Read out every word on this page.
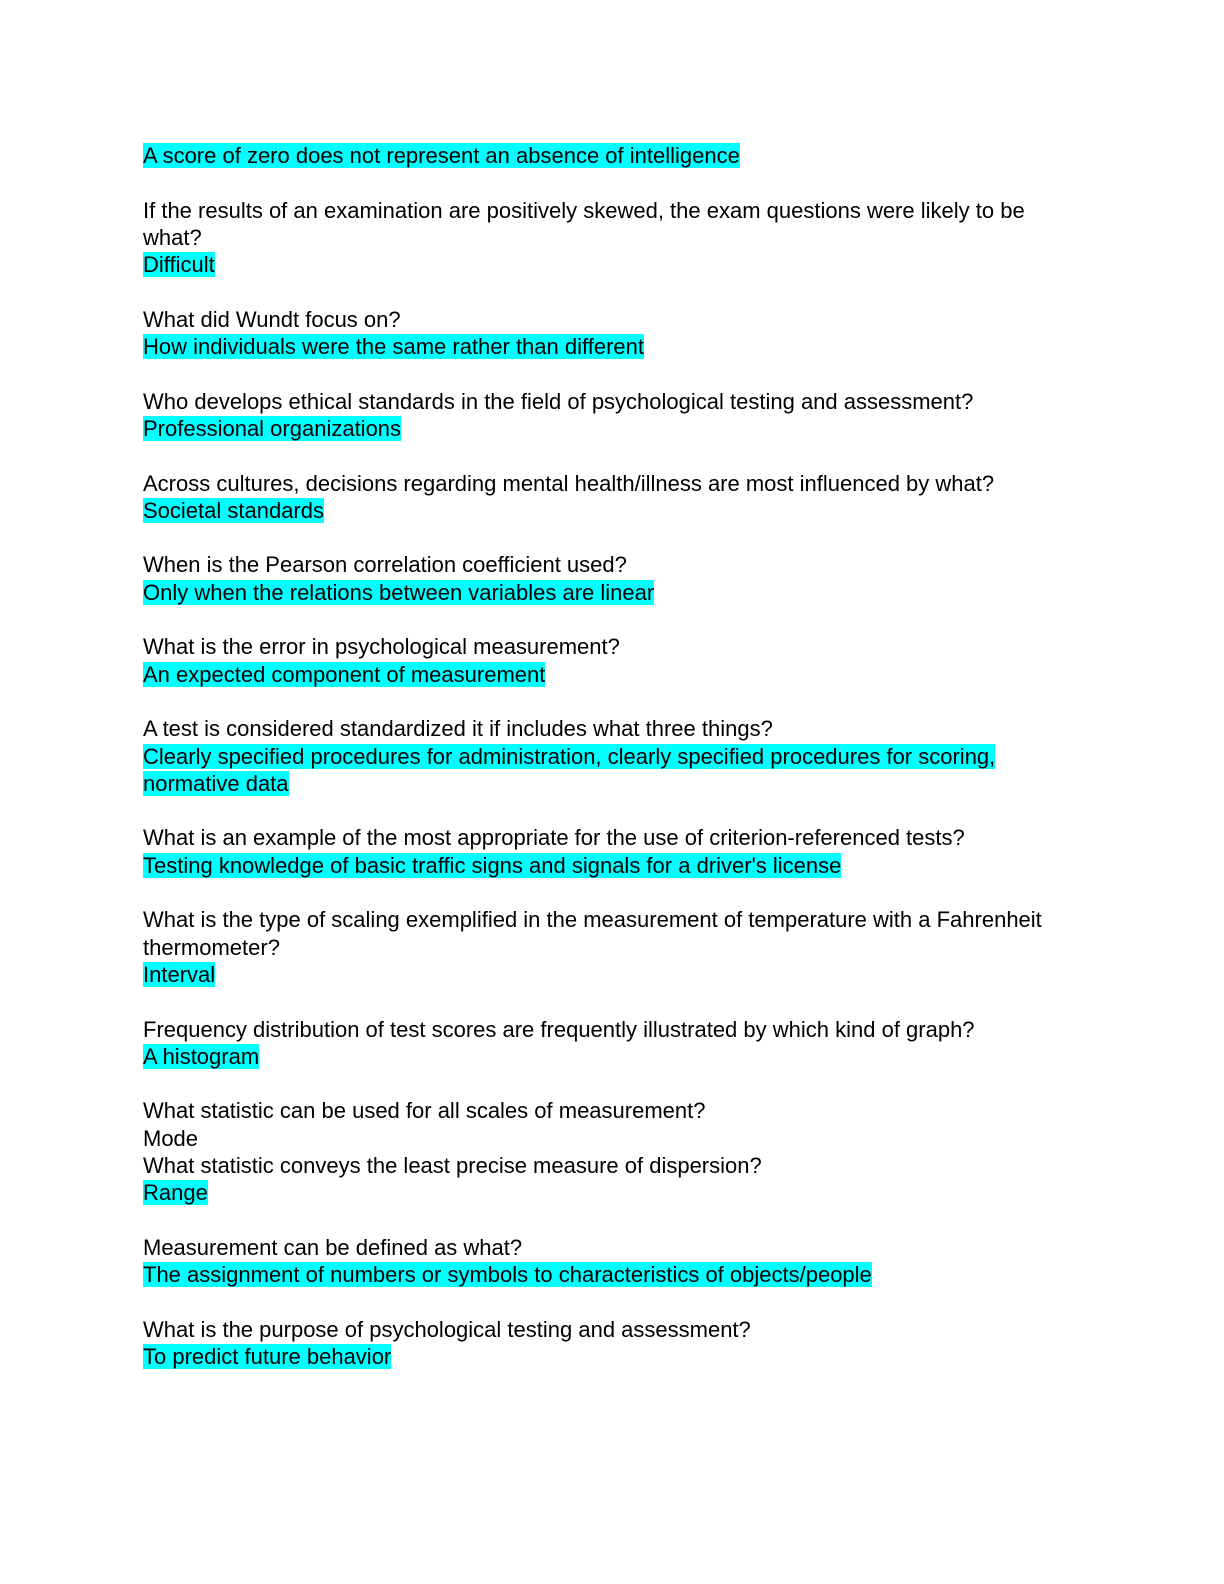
A score of zero does not represent an absence of intelligence
If the results of an examination are positively skewed, the exam questions were likely to be what?
Difficult
What did Wundt focus on?
How individuals were the same rather than different
Who develops ethical standards in the field of psychological testing and assessment?
Professional organizations
Across cultures, decisions regarding mental health/illness are most influenced by what?
Societal standards
When is the Pearson correlation coefficient used?
Only when the relations between variables are linear
What is the error in psychological measurement?
An expected component of measurement
A test is considered standardized it if includes what three things?
Clearly specified procedures for administration, clearly specified procedures for scoring, normative data
What is an example of the most appropriate for the use of criterion-referenced tests?
Testing knowledge of basic traffic signs and signals for a driver's license
What is the type of scaling exemplified in the measurement of temperature with a Fahrenheit thermometer?
Interval
Frequency distribution of test scores are frequently illustrated by which kind of graph?
A histogram
What statistic can be used for all scales of measurement?
Mode
What statistic conveys the least precise measure of dispersion?
Range
Measurement can be defined as what?
The assignment of numbers or symbols to characteristics of objects/people
What is the purpose of psychological testing and assessment?
To predict future behavior
